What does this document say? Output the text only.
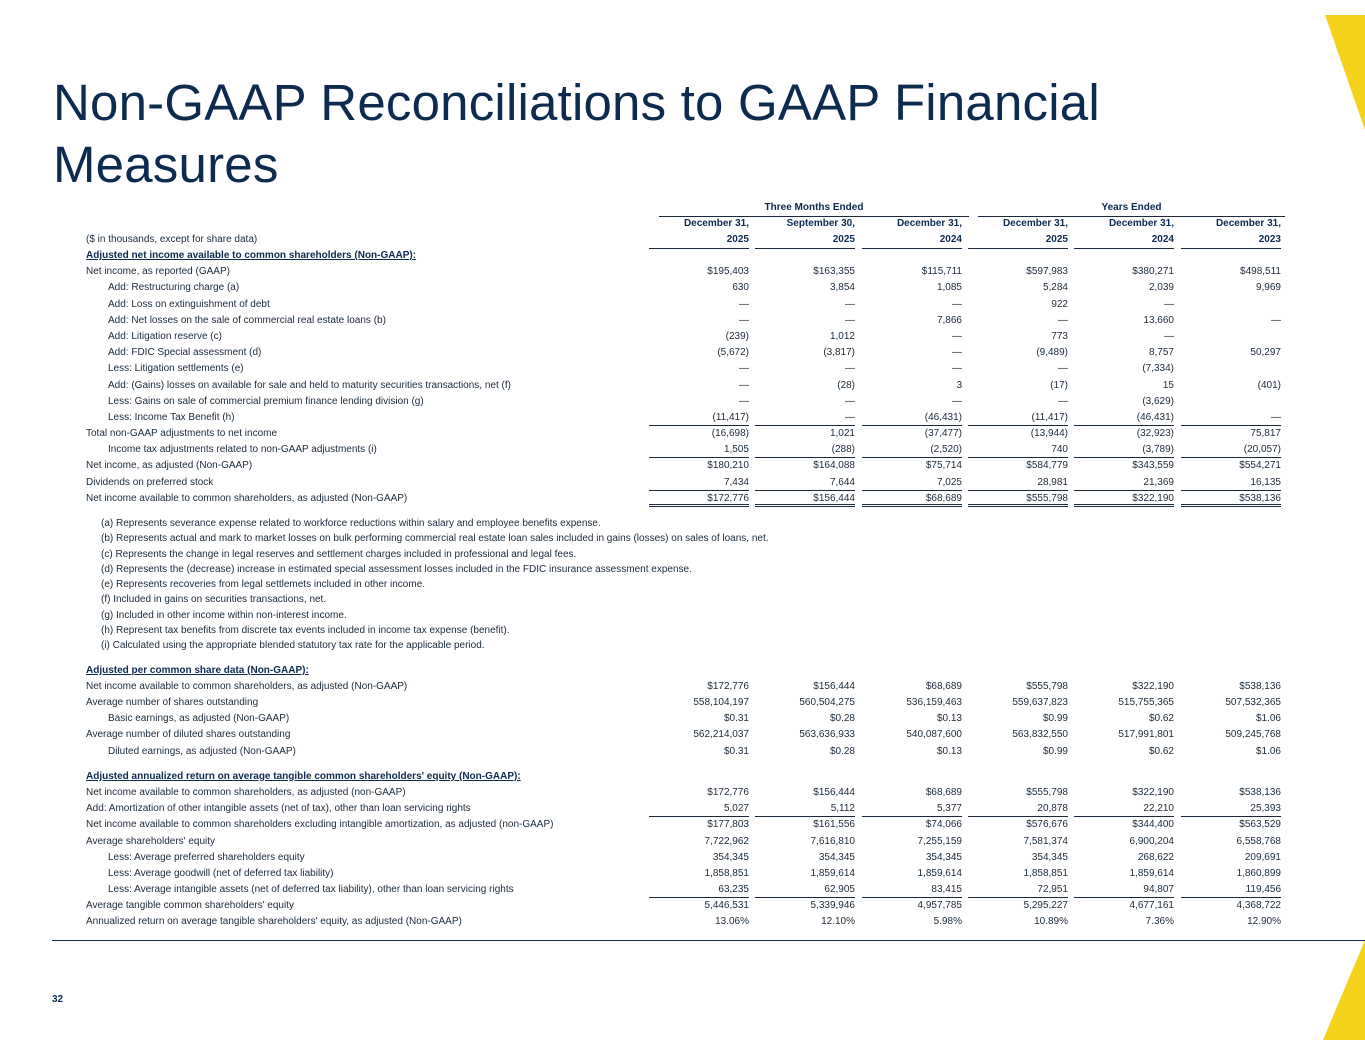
Non-GAAP Reconciliations to GAAP Financial Measures
Three Months Ended	Years Ended
December 31,	September 30,	December 31,	December 31,	December 31,	December 31,
($ in thousands, except for share data)	2025	2025	2024	2025	2024	2023
Adjusted net income available to common shareholders (Non-GAAP):
Net income, as reported (GAAP)	$195,403	$163,355	$115,711	$597,983	$380,271	$498,511
Add: Restructuring charge (a)	630	3,854	1,085	5,284	2,039	9,969
Add: Loss on extinguishment of debt	—	—	—	922	—
Add: Net losses on the sale of commercial real estate loans (b)	—	—	7,866	—	13,660	—
Add: Litigation reserve (c)	(239)	1,012	—	773	—
Add: FDIC Special assessment (d)	(5,672)	(3,817)	—	(9,489)	8,757	50,297
Less: Litigation settlements (e)	—	—	—	—	(7,334)
Add: (Gains) losses on available for sale and held to maturity securities transactions, net (f)	—	(28)	3	(17)	15	(401)
Less: Gains on sale of commercial premium finance lending division (g)	—	—	—	—	(3,629)
Less: Income Tax Benefit (h)	(11,417)	—	(46,431)	(11,417)	(46,431)	—
Total non-GAAP adjustments to net income	(16,698)	1,021	(37,477)	(13,944)	(32,923)	75,817
Income tax adjustments related to non-GAAP adjustments (i)	1,505	(288)	(2,520)	740	(3,789)	(20,057)
Net income, as adjusted (Non-GAAP)	$180,210	$164,088	$75,714	$584,779	$343,559	$554,271
Dividends on preferred stock	7,434	7,644	7,025	28,981	21,369	16,135
Net income available to common shareholders, as adjusted (Non-GAAP)	$172,776	$156,444	$68,689	$555,798	$322,190	$538,136
(a) Represents severance expense related to workforce reductions within salary and employee benefits expense.
(b) Represents actual and mark to market losses on bulk performing commercial real estate loan sales included in gains (losses) on sales of loans, net.
(c) Represents the change in legal reserves and settlement charges included in professional and legal fees.
(d) Represents the (decrease) increase in estimated special assessment losses included in the FDIC insurance assessment expense.
(e) Represents recoveries from legal settlemets included in other income.
(f) Included in gains on securities transactions, net.
(g) Included in other income within non-interest income.
(h) Represent tax benefits from discrete tax events included in income tax expense (benefit).
(i) Calculated using the appropriate blended statutory tax rate for the applicable period.
Adjusted per common share data (Non-GAAP):
Net income available to common shareholders, as adjusted (Non-GAAP)	$172,776	$156,444	$68,689	$555,798	$322,190	$538,136
Average number of shares outstanding	558,104,197	560,504,275	536,159,463	559,637,823	515,755,365	507,532,365
Basic earnings, as adjusted (Non-GAAP)	$0.31	$0.28	$0.13	$0.99	$0.62	$1.06
Average number of diluted shares outstanding	562,214,037	563,636,933	540,087,600	563,832,550	517,991,801	509,245,768
Diluted earnings, as adjusted (Non-GAAP)	$0.31	$0.28	$0.13	$0.99	$0.62	$1.06
Adjusted annualized return on average tangible common shareholders' equity (Non-GAAP):
Net income available to common shareholders, as adjusted (non-GAAP)	$172,776	$156,444	$68,689	$555,798	$322,190	$538,136
Add: Amortization of other intangible assets (net of tax), other than loan servicing rights	5,027	5,112	5,377	20,878	22,210	25,393
Net income available to common shareholders excluding intangible amortization, as adjusted (non-GAAP)	$177,803	$161,556	$74,066	$576,676	$344,400	$563,529
Average shareholders' equity	7,722,962	7,616,810	7,255,159	7,581,374	6,900,204	6,558,768
Less: Average preferred shareholders equity	354,345	354,345	354,345	354,345	268,622	209,691
Less: Average goodwill (net of deferred tax liability)	1,858,851	1,859,614	1,859,614	1,858,851	1,859,614	1,860,899
Less: Average intangible assets (net of deferred tax liability), other than loan servicing rights	63,235	62,905	83,415	72,951	94,807	119,456
Average tangible common shareholders' equity	5,446,531	5,339,946	4,957,785	5,295,227	4,677,161	4,368,722
Annualized return on average tangible shareholders' equity, as adjusted (Non-GAAP)	13.06%	12.10%	5.98%	10.89%	7.36%	12.90%
32
